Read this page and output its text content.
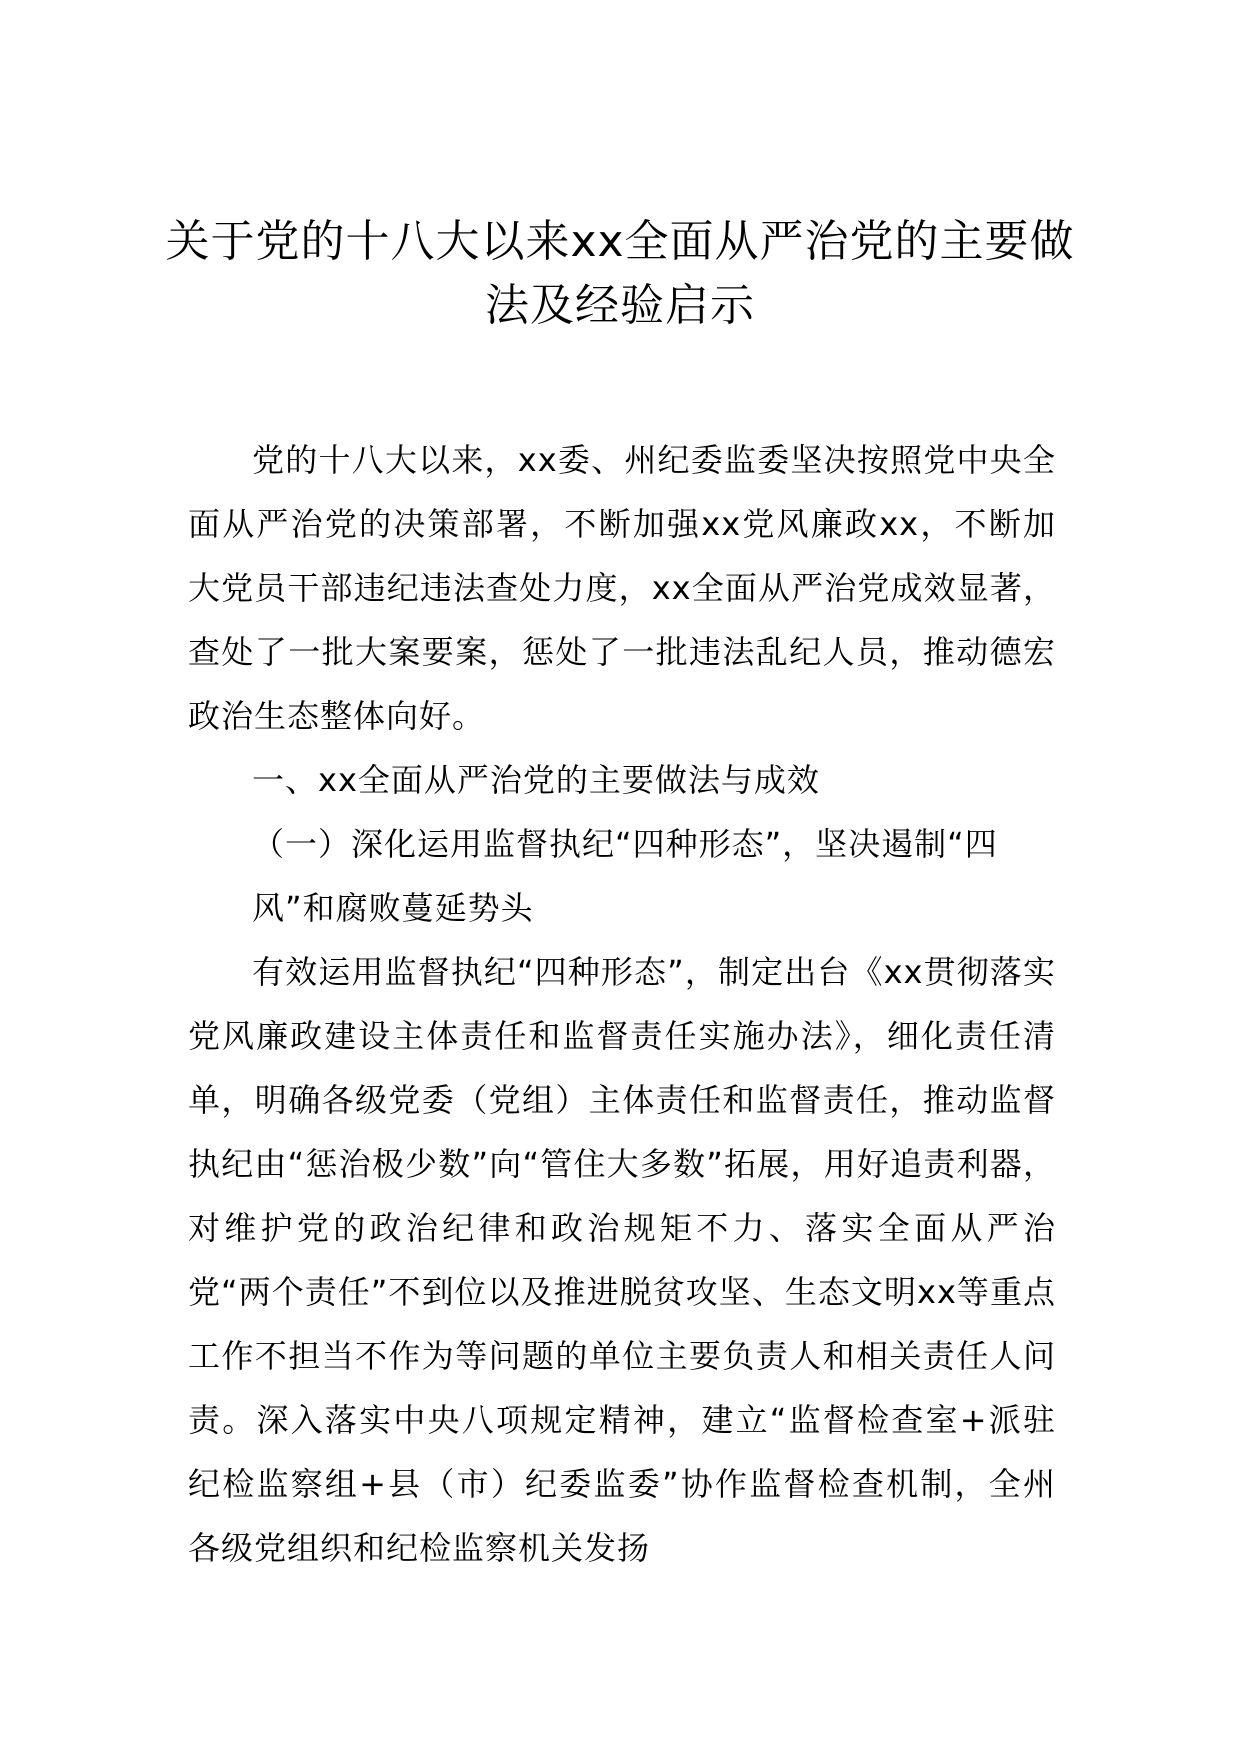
关于党的十八大以来xx全面从严治党的主要做法及经验启示

党的十八大以来，xx委、州纪委监委坚决按照党中央全面从严治党的决策部署，不断加强xx党风廉政xx，不断加大党员干部违纪违法查处力度，xx全面从严治党成效显著，查处了一批大案要案，惩处了一批违法乱纪人员，推动德宏政治生态整体向好。

一、xx全面从严治党的主要做法与成效

（一）深化运用监督执纪“四种形态”，坚决遏制“四风”和腐败蔓延势头

有效运用监督执纪“四种形态”，制定出台《xx贯彻落实党风廉政建设主体责任和监督责任实施办法》，细化责任清单，明确各级党委（党组）主体责任和监督责任，推动监督执纪由“惩治极少数”向“管住大多数”拓展，用好追责利器，对维护党的政治纪律和政治规矩不力、落实全面从严治党“两个责任”不到位以及推进脱贫攻坚、生态文明xx等重点工作不担当不作为等问题的单位主要负责人和相关责任人问责。深入落实中央八项规定精神，建立“监督检查室+派驻纪检监察组+县（市）纪委监委”协作监督检查机制，全州各级党组织和纪检监察机关发扬
